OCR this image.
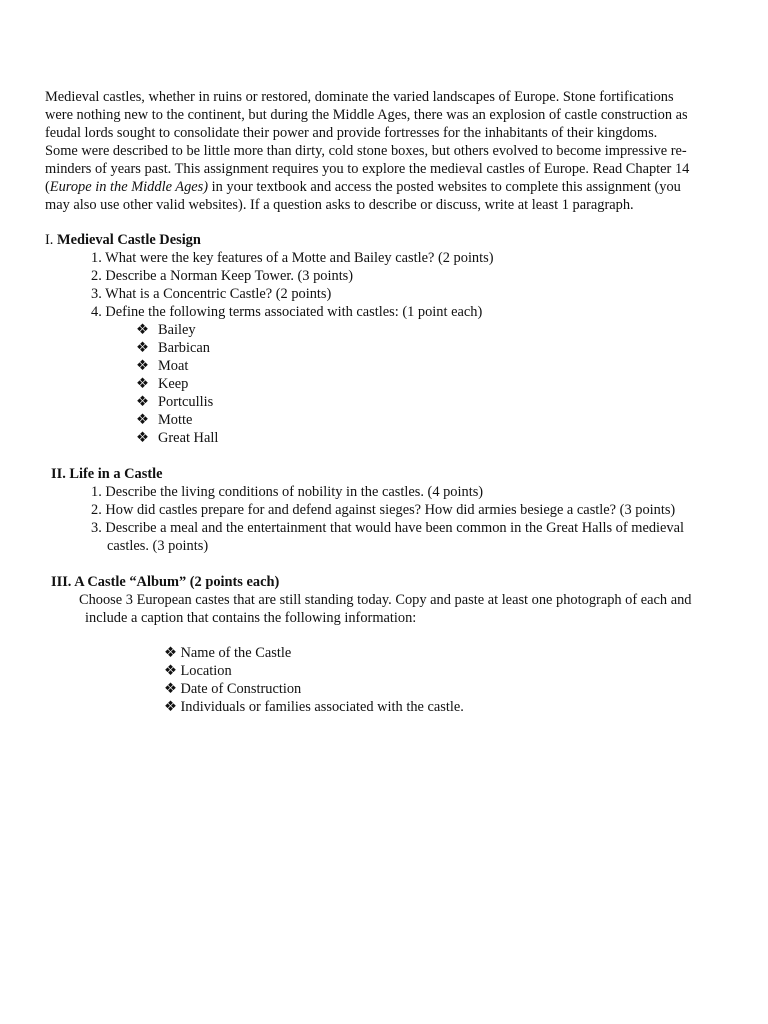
Medieval castles, whether in ruins or restored, dominate the varied landscapes of Europe. Stone fortifications
were nothing new to the continent, but during the Middle Ages, there was an explosion of castle construction as
feudal lords sought to consolidate their power and provide fortresses for the inhabitants of their kingdoms.
Some were described to be little more than dirty, cold stone boxes, but others evolved to become impressive re-
minders of years past. This assignment requires you to explore the medieval castles of Europe. Read Chapter 14
(Europe in the Middle Ages) in your textbook and access the posted websites to complete this assignment (you
may also use other valid websites). If a question asks to describe or discuss, write at least 1 paragraph.

I. Medieval Castle Design
1. What were the key features of a Motte and Bailey castle? (2 points)
2. Describe a Norman Keep Tower. (3 points)
3. What is a Concentric Castle? (2 points)
4. Define the following terms associated with castles: (1 point each)
❖ Bailey
❖ Barbican
❖ Moat
❖ Keep
❖ Portcullis
❖ Motte
❖ Great Hall
II. Life in a Castle
1. Describe the living conditions of nobility in the castles. (4 points)
2. How did castles prepare for and defend against sieges? How did armies besiege a castle? (3 points)
3. Describe a meal and the entertainment that would have been common in the Great Halls of medieval
castles. (3 points)
III. A Castle “Album” (2 points each)
Choose 3 European castes that are still standing today. Copy and paste at least one photograph of each and
include a caption that contains the following information:
❖ Name of the Castle
❖ Location
❖ Date of Construction
❖ Individuals or families associated with the castle.
